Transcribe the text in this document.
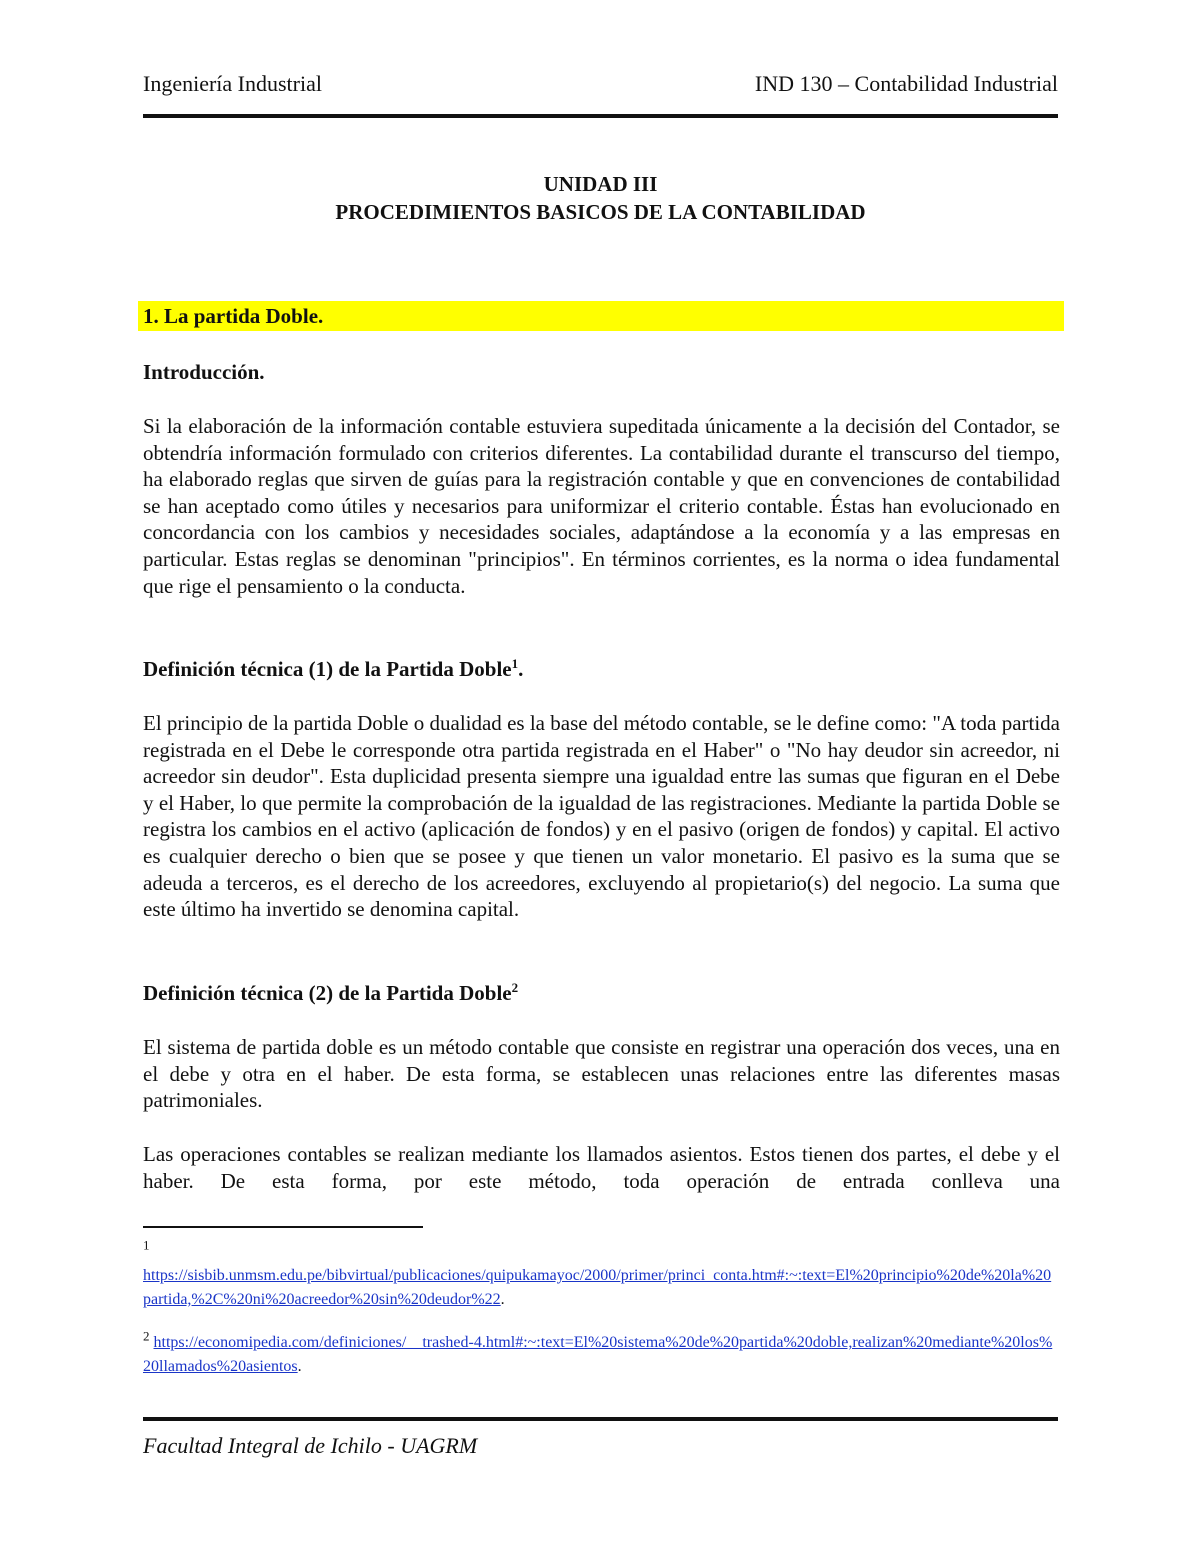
Ingeniería Industrial	IND 130 – Contabilidad Industrial
UNIDAD III
PROCEDIMIENTOS BASICOS DE LA CONTABILIDAD
1. La partida Doble.
Introducción.
Si la elaboración de la información contable estuviera supeditada únicamente a la decisión del Contador, se obtendría información formulado con criterios diferentes. La contabilidad durante el transcurso del tiempo, ha elaborado reglas que sirven de guías para la registración contable y que en convenciones de contabilidad se han aceptado como útiles y necesarios para uniformizar el criterio contable. Éstas han evolucionado en concordancia con los cambios y necesidades sociales, adaptándose a la economía y a las empresas en particular. Estas reglas se denominan "principios". En términos corrientes, es la norma o idea fundamental que rige el pensamiento o la conducta.
Definición técnica (1) de la Partida Doble$^1$.
El principio de la partida Doble o dualidad es la base del método contable, se le define como: "A toda partida registrada en el Debe le corresponde otra partida registrada en el Haber" o "No hay deudor sin acreedor, ni acreedor sin deudor". Esta duplicidad presenta siempre una igualdad entre las sumas que figuran en el Debe y el Haber, lo que permite la comprobación de la igualdad de las registraciones. Mediante la partida Doble se registra los cambios en el activo (aplicación de fondos) y en el pasivo (origen de fondos) y capital. El activo es cualquier derecho o bien que se posee y que tienen un valor monetario. El pasivo es la suma que se adeuda a terceros, es el derecho de los acreedores, excluyendo al propietario(s) del negocio. La suma que este último ha invertido se denomina capital.
Definición técnica (2) de la Partida Doble$^2$
El sistema de partida doble es un método contable que consiste en registrar una operación dos veces, una en el debe y otra en el haber. De esta forma, se establecen unas relaciones entre las diferentes masas patrimoniales.
Las operaciones contables se realizan mediante los llamados asientos. Estos tienen dos partes, el debe y el haber. De esta forma, por este método, toda operación de entrada conlleva una
$^1$
https://sisbib.unmsm.edu.pe/bibvirtual/publicaciones/quipukamayoc/2000/primer/princi_conta.htm#:~:text=El%20principio%20de%20la%20partida,%2C%20ni%20acreedor%20sin%20deudor%22.
$^2$ https://economipedia.com/definiciones/__trashed-4.html#:~:text=El%20sistema%20de%20partida%20doble,realizan%20mediante%20los%20llamados%20asientos.
Facultad Integral de Ichilo - UAGRM
